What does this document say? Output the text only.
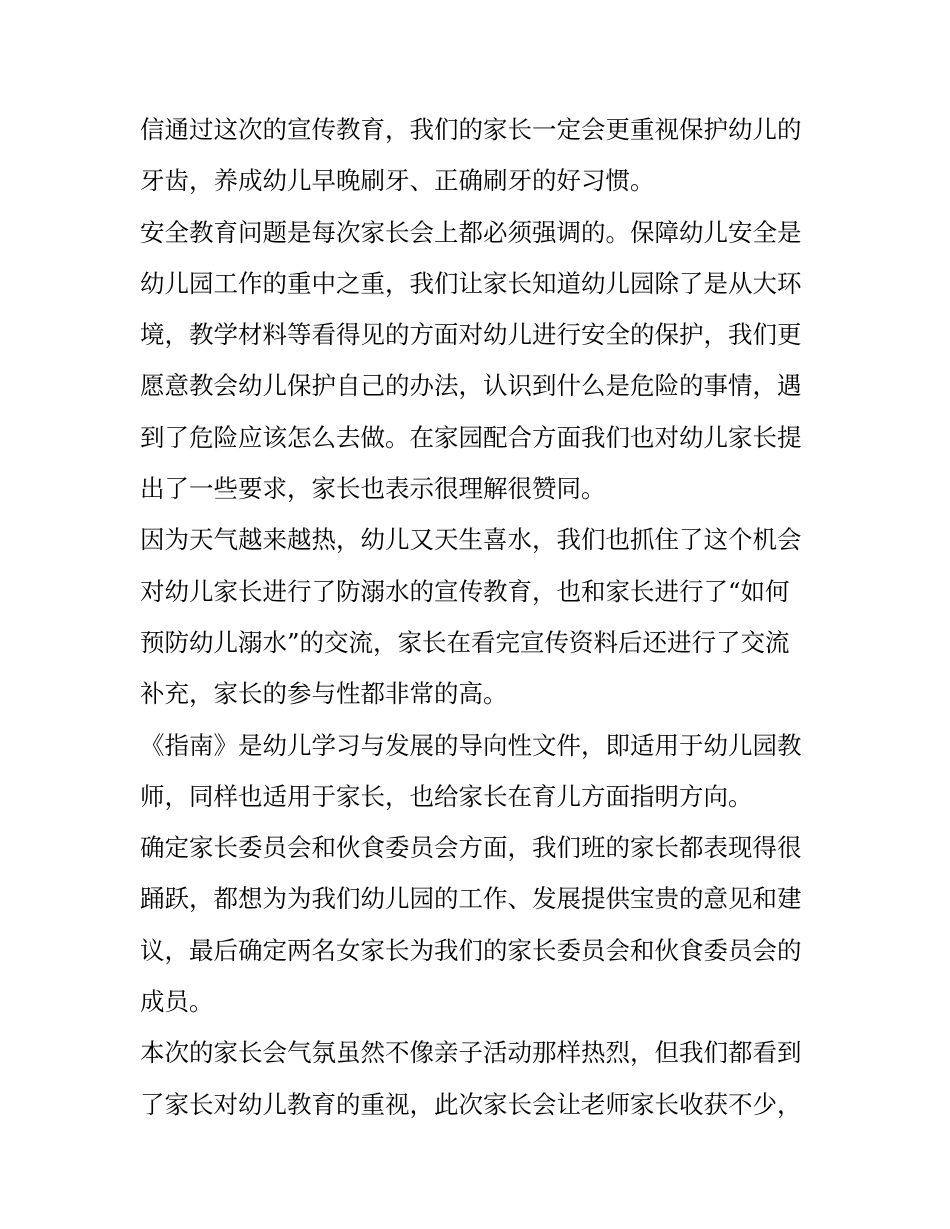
信通过这次的宣传教育，我们的家长一定会更重视保护幼儿的
牙齿，养成幼儿早晚刷牙、正确刷牙的好习惯。
安全教育问题是每次家长会上都必须强调的。保障幼儿安全是
幼儿园工作的重中之重，我们让家长知道幼儿园除了是从大环
境，教学材料等看得见的方面对幼儿进行安全的保护，我们更
愿意教会幼儿保护自己的办法，认识到什么是危险的事情，遇
到了危险应该怎么去做。在家园配合方面我们也对幼儿家长提
出了一些要求，家长也表示很理解很赞同。
因为天气越来越热，幼儿又天生喜水，我们也抓住了这个机会
对幼儿家长进行了防溺水的宣传教育，也和家长进行了“如何
预防幼儿溺水”的交流，家长在看完宣传资料后还进行了交流
补充，家长的参与性都非常的高。
《指南》是幼儿学习与发展的导向性文件，即适用于幼儿园教
师，同样也适用于家长，也给家长在育儿方面指明方向。
确定家长委员会和伙食委员会方面，我们班的家长都表现得很
踊跃，都想为为我们幼儿园的工作、发展提供宝贵的意见和建
议，最后确定两名女家长为我们的家长委员会和伙食委员会的
成员。
本次的家长会气氛虽然不像亲子活动那样热烈，但我们都看到
了家长对幼儿教育的重视，此次家长会让老师家长收获不少，
